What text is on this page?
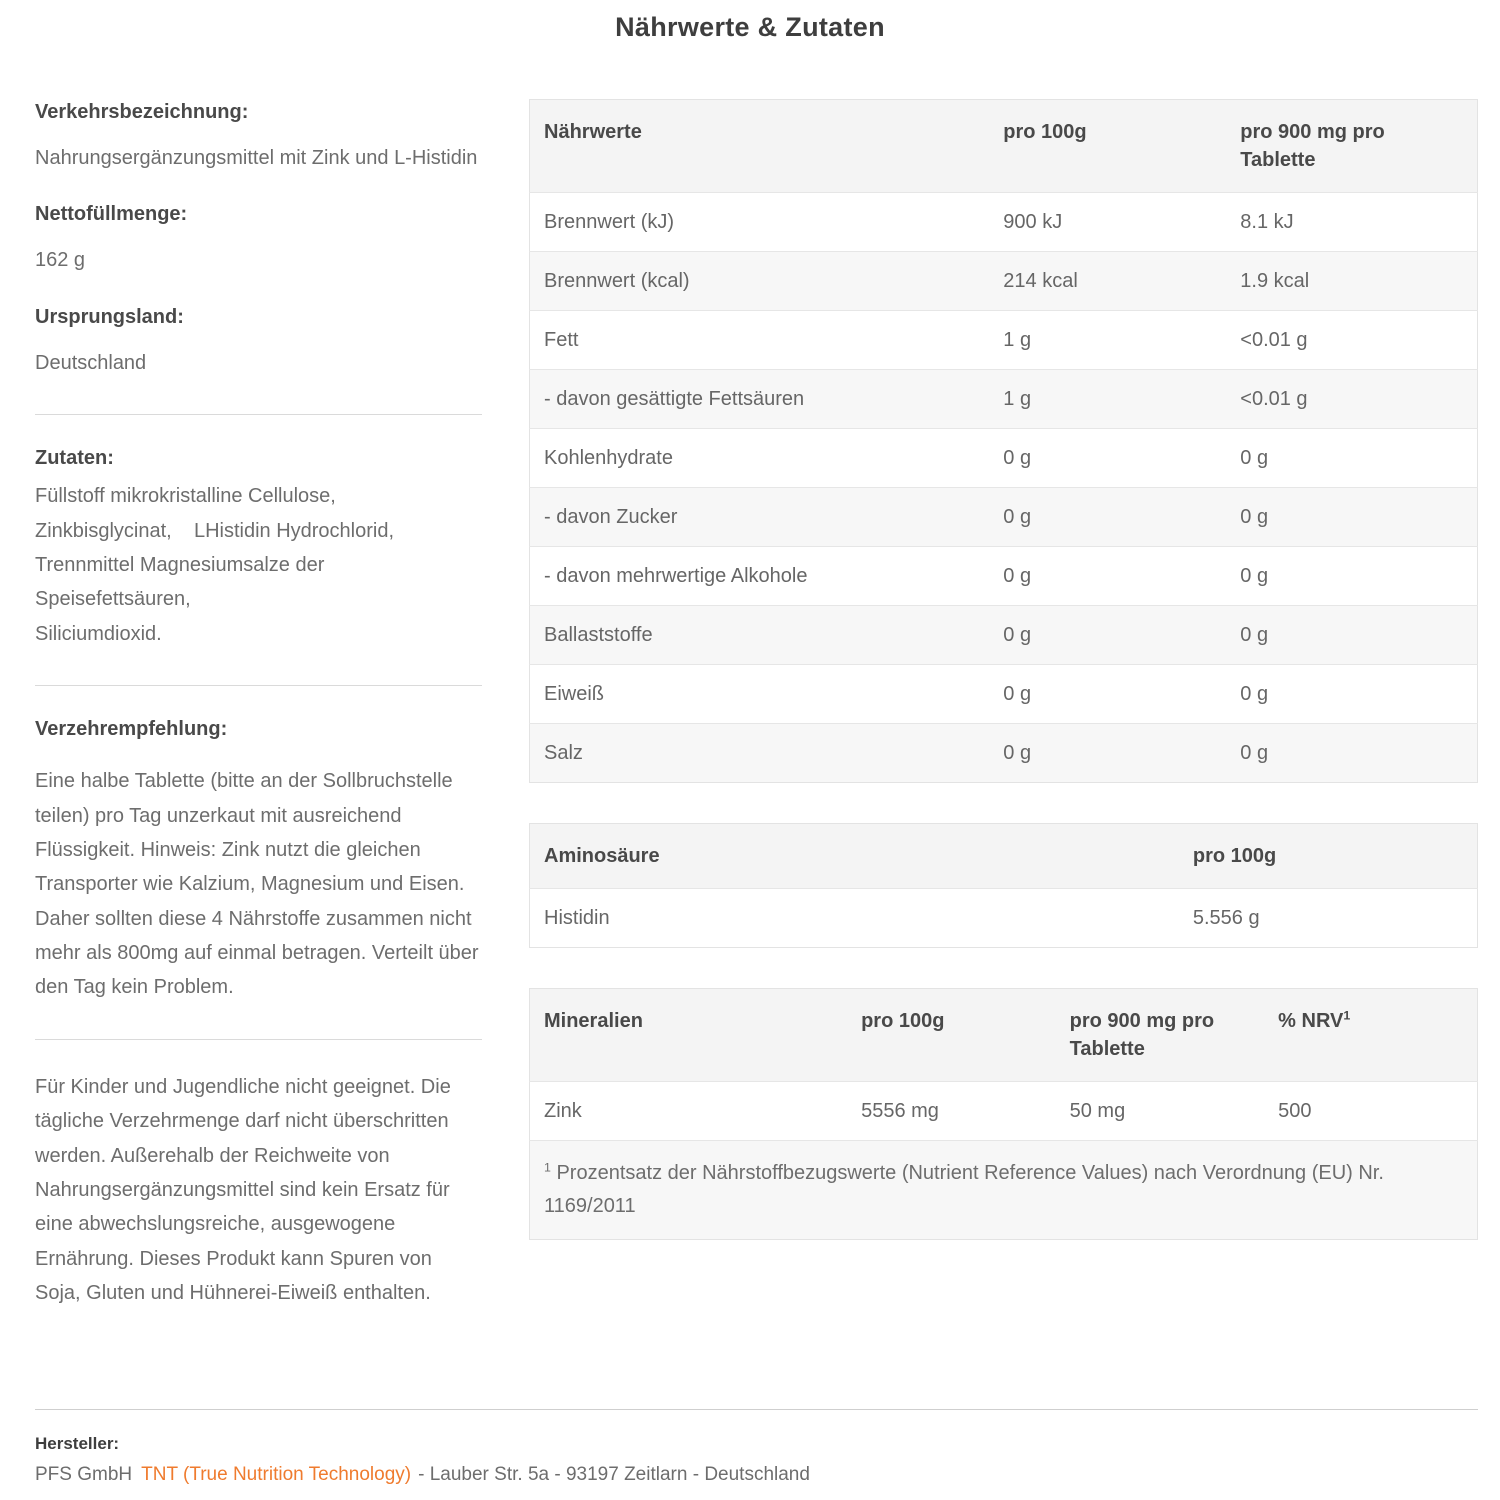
Nährwerte & Zutaten

Verkehrsbezeichnung:

Nahrungsergänzungsmittel mit Zink und L-Histidin

Nettofüllmenge:

162 g

Ursprungsland:

Deutschland

Zutaten:

Füllstoff mikrokristalline Cellulose,
Zinkbisglycinat,    LHistidin Hydrochlorid,
Trennmittel Magnesiumsalze der
Speisefettsäuren,
Siliciumdioxid.

Verzehrempfehlung:

Eine halbe Tablette (bitte an der Sollbruchstelle teilen) pro Tag unzerkaut mit ausreichend Flüssigkeit. Hinweis: Zink nutzt die gleichen Transporter wie Kalzium, Magnesium und Eisen. Daher sollten diese 4 Nährstoffe zusammen nicht mehr als 800mg auf einmal betragen. Verteilt über den Tag kein Problem.

Für Kinder und Jugendliche nicht geeignet. Die tägliche Verzehrmenge darf nicht überschritten werden. Außerehalb der Reichweite von Nahrungsergänzungsmittel sind kein Ersatz für eine abwechslungsreiche, ausgewogene Ernährung. Dieses Produkt kann Spuren von Soja, Gluten und Hühnerei-Eiweiß enthalten.

Nährwerte	pro 100g	pro 900 mg pro Tablette
Brennwert (kJ)	900 kJ	8.1 kJ
Brennwert (kcal)	214 kcal	1.9 kcal
Fett	1 g	<0.01 g
- davon gesättigte Fettsäuren	1 g	<0.01 g
Kohlenhydrate	0 g	0 g
- davon Zucker	0 g	0 g
- davon mehrwertige Alkohole	0 g	0 g
Ballaststoffe	0 g	0 g
Eiweiß	0 g	0 g
Salz	0 g	0 g
Aminosäure	pro 100g
Histidin	5.556 g
Mineralien	pro 100g	pro 900 mg pro Tablette	% NRV$^1$
Zink	5556 mg	50 mg	500
$^1$ Prozentsatz der Nährstoffbezugswerte (Nutrient Reference Values) nach Verordnung (EU) Nr. 1169/2011			

Hersteller:

PFS GmbH TNT (True Nutrition Technology) - Lauber Str. 5a - 93197 Zeitlarn - Deutschland
